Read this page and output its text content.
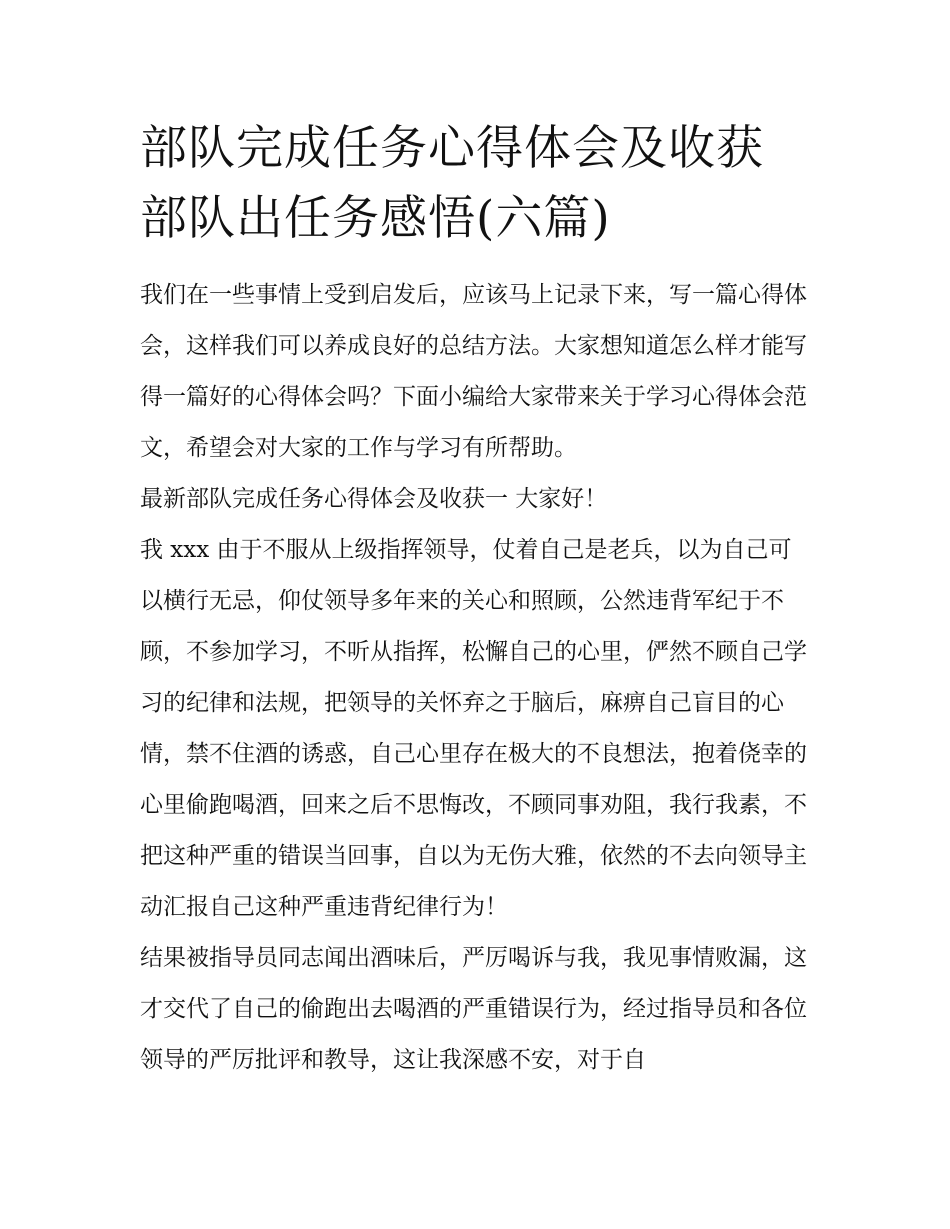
部队完成任务心得体会及收获
部队出任务感悟(六篇)

我们在一些事情上受到启发后，应该马上记录下来，写一篇心得体会，这样我们可以养成良好的总结方法。大家想知道怎么样才能写得一篇好的心得体会吗？下面小编给大家带来关于学习心得体会范文，希望会对大家的工作与学习有所帮助。

最新部队完成任务心得体会及收获一 大家好！

我 xxx 由于不服从上级指挥领导，仗着自己是老兵，以为自己可以横行无忌，仰仗领导多年来的关心和照顾，公然违背军纪于不顾，不参加学习，不听从指挥，松懈自己的心里，俨然不顾自己学习的纪律和法规，把领导的关怀弃之于脑后，麻痹自己盲目的心情，禁不住酒的诱惑，自己心里存在极大的不良想法，抱着侥幸的心里偷跑喝酒，回来之后不思悔改，不顾同事劝阻，我行我素，不把这种严重的错误当回事，自以为无伤大雅，依然的不去向领导主动汇报自己这种严重违背纪律行为！

结果被指导员同志闻出酒味后，严厉喝诉与我，我见事情败漏，这才交代了自己的偷跑出去喝酒的严重错误行为，经过指导员和各位领导的严厉批评和教导，这让我深感不安，对于自
